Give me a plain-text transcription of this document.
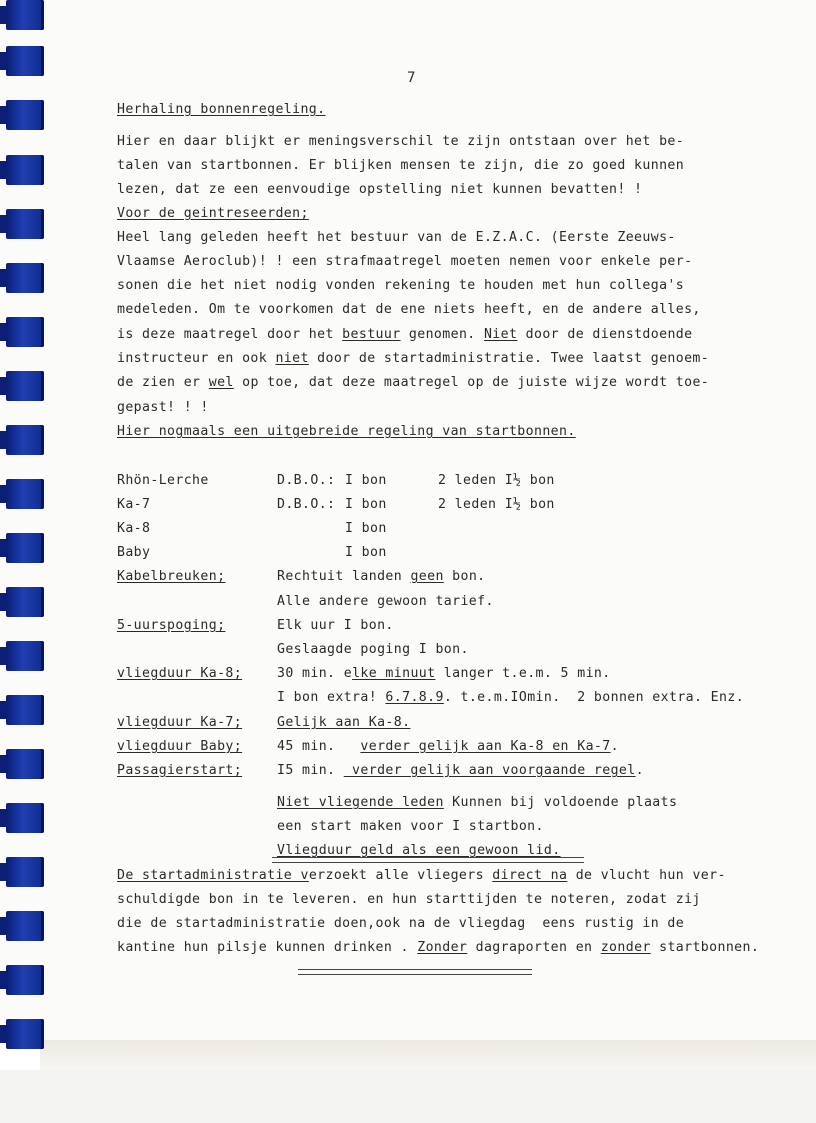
7
Herhaling bonnenregeling.
Hier en daar blijkt er meningsverschil te zijn ontstaan over het be-
talen van startbonnen. Er blijken mensen te zijn, die zo goed kunnen
lezen, dat ze een eenvoudige opstelling niet kunnen bevatten! !
Voor de geintreseerden;
Heel lang geleden heeft het bestuur van de E.Z.A.C. (Eerste Zeeuws-
Vlaamse Aeroclub)! ! een strafmaatregel moeten nemen voor enkele per-
sonen die het niet nodig vonden rekening te houden met hun collega's
medeleden. Om te voorkomen dat de ene niets heeft, en de andere alles,
is deze maatregel door het bestuur genomen. Niet door de dienstdoende
instructeur en ook niet door de startadministratie. Twee laatst genoem-
de zien er wel op toe, dat deze maatregel op de juiste wijze wordt toe-
gepast! ! !
Hier nogmaals een uitgebreide regeling van startbonnen.
Rhön-Lerche	D.B.O.: I bon	2 leden I½ bon
Ka-7	D.B.O.: I bon	2 leden I½ bon
Ka-8	I bon
Baby	I bon
Kabelbreuken;	Rechtuit landen geen bon.
Alle andere gewoon tarief.
5-uurspoging;	Elk uur I bon.
Geslaagde poging I bon.
vliegduur Ka-8;	30 min. elke minuut langer t.e.m. 5 min.
I bon extra! 6.7.8.9. t.e.m.IOmin.  2 bonnen extra. Enz.
vliegduur Ka-7;	Gelijk aan Ka-8.
vliegduur Baby;	45 min.   verder gelijk aan Ka-8 en Ka-7.
Passagierstart;	I5 min.  verder gelijk aan voorgaande regel.
Niet vliegende leden Kunnen bij voldoende plaats
een start maken voor I startbon.
Vliegduur geld als een gewoon lid.
De startadministratie verzoekt alle vliegers direct na de vlucht hun ver-
schuldigde bon in te leveren. en hun starttijden te noteren, zodat zij
die de startadministratie doen,ook na de vliegdag  eens rustig in de
kantine hun pilsje kunnen drinken . Zonder dagraporten en zonder startbonnen.
